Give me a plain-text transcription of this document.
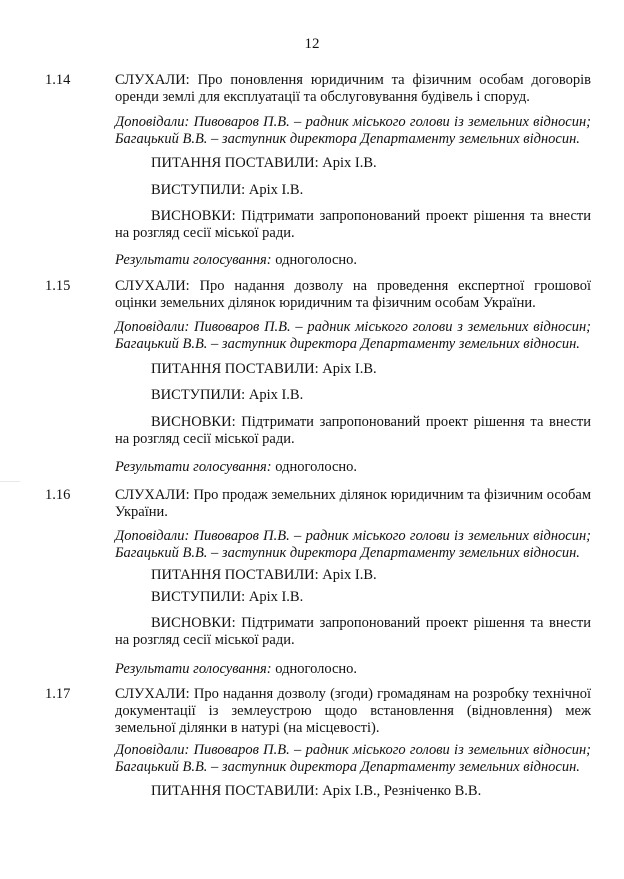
12
1.14	СЛУХАЛИ: Про поновлення юридичним та фізичним особам договорів оренди землі для експлуатації та обслуговування будівель і споруд.
Доповідали: Пивоваров П.В. – радник міського голови із земельних відносин; Багацький В.В. – заступник директора Департаменту земельних відносин.
ПИТАННЯ ПОСТАВИЛИ: Аріх І.В.
ВИСТУПИЛИ: Аріх І.В.
ВИСНОВКИ: Підтримати запропонований проект рішення та внести на розгляд сесії міської ради.
Результати голосування: одноголосно.
1.15	СЛУХАЛИ: Про надання дозволу на проведення експертної грошової оцінки земельних ділянок юридичним та фізичним особам України.
Доповідали: Пивоваров П.В. – радник міського голови з земельних відносин; Багацький В.В. – заступник директора Департаменту земельних відносин.
ПИТАННЯ ПОСТАВИЛИ: Аріх І.В.
ВИСТУПИЛИ: Аріх І.В.
ВИСНОВКИ: Підтримати запропонований проект рішення та внести на розгляд сесії міської ради.
Результати голосування: одноголосно.
1.16	СЛУХАЛИ: Про продаж земельних ділянок юридичним та фізичним особам України.
Доповідали: Пивоваров П.В. – радник міського голови із земельних відносин; Багацький В.В. – заступник директора Департаменту земельних відносин.
ПИТАННЯ ПОСТАВИЛИ: Аріх І.В.
ВИСТУПИЛИ: Аріх І.В.
ВИСНОВКИ: Підтримати запропонований проект рішення та внести на розгляд сесії міської ради.
Результати голосування: одноголосно.
1.17	СЛУХАЛИ: Про надання дозволу (згоди) громадянам на розробку технічної документації із землеустрою щодо встановлення (відновлення) меж земельної ділянки в натурі (на місцевості).
Доповідали: Пивоваров П.В. – радник міського голови із земельних відносин; Багацький В.В. – заступник директора Департаменту земельних відносин.
ПИТАННЯ ПОСТАВИЛИ: Аріх І.В., Резніченко В.В.
